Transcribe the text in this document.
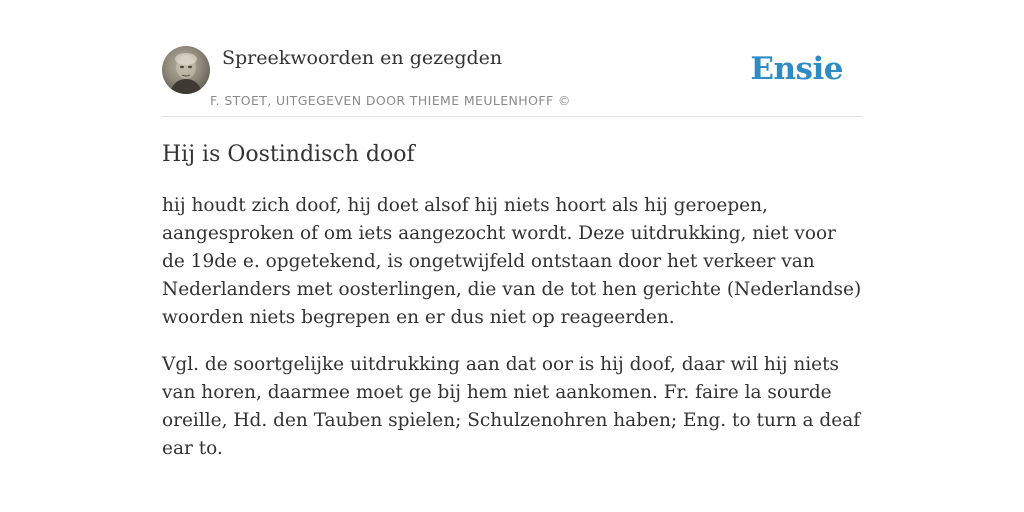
Spreekwoorden en gezegden
F. STOET, UITGEGEVEN DOOR THIEME MEULENHOFF ©
Ensie
Hij is Oostindisch doof

hij houdt zich doof, hij doet alsof hij niets hoort als hij geroepen, aangesproken of om iets aangezocht wordt. Deze uitdrukking, niet voor de 19de e. opgetekend, is ongetwijfeld ontstaan door het verkeer van Nederlanders met oosterlingen, die van de tot hen gerichte (Nederlandse) woorden niets begrepen en er dus niet op reageerden.

Vgl. de soortgelijke uitdrukking aan dat oor is hij doof, daar wil hij niets van horen, daarmee moet ge bij hem niet aankomen. Fr. faire la sourde oreille, Hd. den Tauben spielen; Schulzenohren haben; Eng. to turn a deaf ear to.
